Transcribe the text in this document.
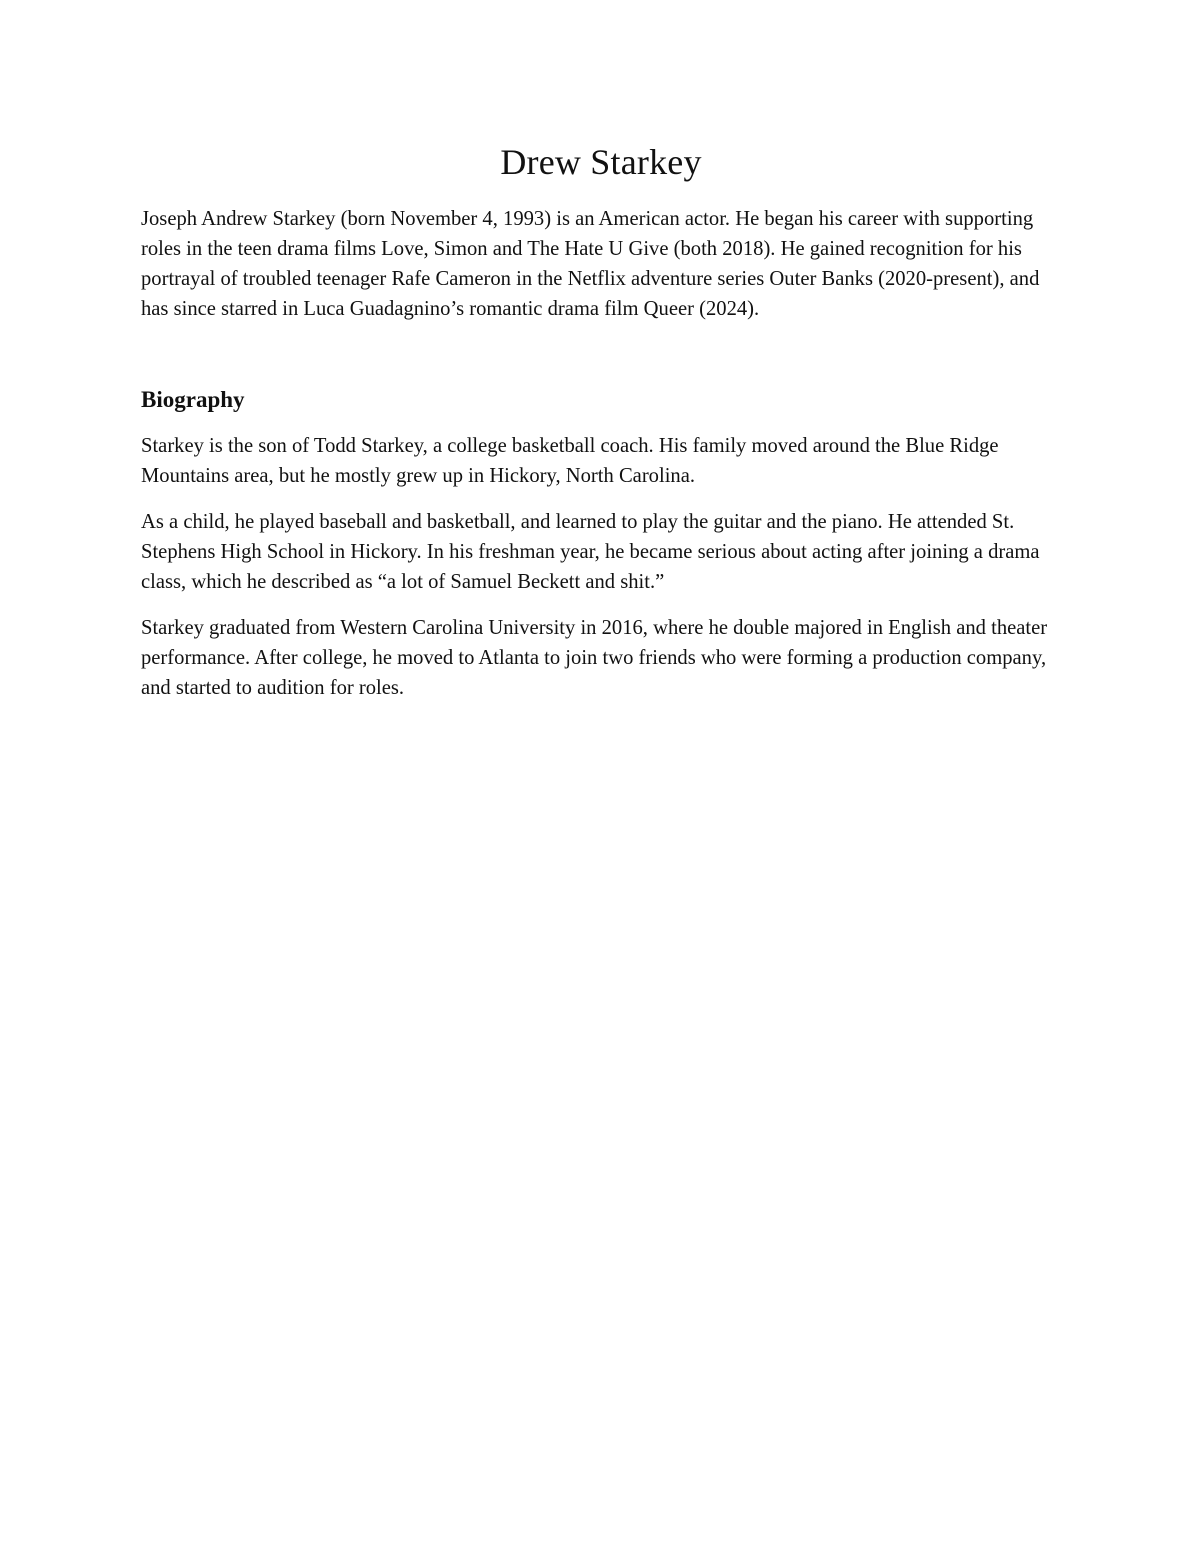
Drew Starkey

Joseph Andrew Starkey (born November 4, 1993) is an American actor. He began his career with supporting roles in the teen drama films Love, Simon and The Hate U Give (both 2018). He gained recognition for his portrayal of troubled teenager Rafe Cameron in the Netflix adventure series Outer Banks (2020-present), and has since starred in Luca Guadagnino’s romantic drama film Queer (2024).

Biography

Starkey is the son of Todd Starkey, a college basketball coach. His family moved around the Blue Ridge Mountains area, but he mostly grew up in Hickory, North Carolina.

As a child, he played baseball and basketball, and learned to play the guitar and the piano. He attended St. Stephens High School in Hickory. In his freshman year, he became serious about acting after joining a drama class, which he described as “a lot of Samuel Beckett and shit.”

Starkey graduated from Western Carolina University in 2016, where he double majored in English and theater performance. After college, he moved to Atlanta to join two friends who were forming a production company, and started to audition for roles.
